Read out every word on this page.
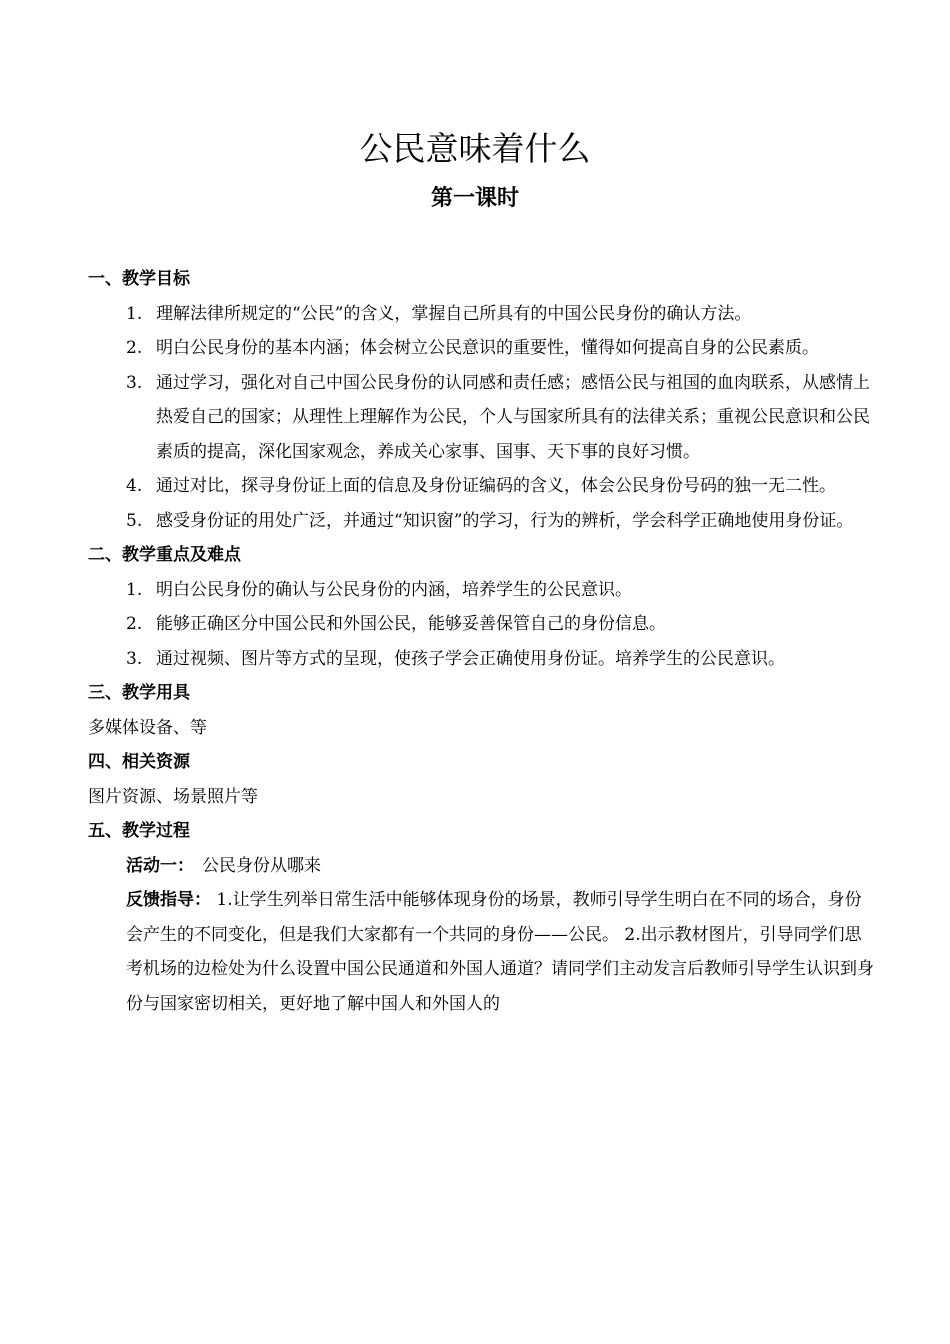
公民意味着什么
第一课时
一、教学目标
1. 理解法律所规定的“公民”的含义，掌握自己所具有的中国公民身份的确认方法。
2. 明白公民身份的基本内涵；体会树立公民意识的重要性，懂得如何提高自身的公民素质。
3. 通过学习，强化对自己中国公民身份的认同感和责任感；感悟公民与祖国的血肉联系，从感情上热爱自己的国家；从理性上理解作为公民，个人与国家所具有的法律关系；重视公民意识和公民素质的提高，深化国家观念，养成关心家事、国事、天下事的良好习惯。
4. 通过对比，探寻身份证上面的信息及身份证编码的含义，体会公民身份号码的独一无二性。
5. 感受身份证的用处广泛，并通过“知识窗”的学习，行为的辨析，学会科学正确地使用身份证。
二、教学重点及难点
1. 明白公民身份的确认与公民身份的内涵，培养学生的公民意识。
2. 能够正确区分中国公民和外国公民，能够妥善保管自己的身份信息。
3. 通过视频、图片等方式的呈现，使孩子学会正确使用身份证。培养学生的公民意识。
三、教学用具
多媒体设备、等
四、相关资源
图片资源、场景照片等
五、教学过程
活动一： 公民身份从哪来
反馈指导： 1.让学生列举日常生活中能够体现身份的场景，教师引导学生明白在不同的场合，身份会产生的不同变化，但是我们大家都有一个共同的身份——公民。 2.出示教材图片，引导同学们思考机场的边检处为什么设置中国公民通道和外国人通道？请同学们主动发言后教师引导学生认识到身份与国家密切相关，更好地了解中国人和外国人的
